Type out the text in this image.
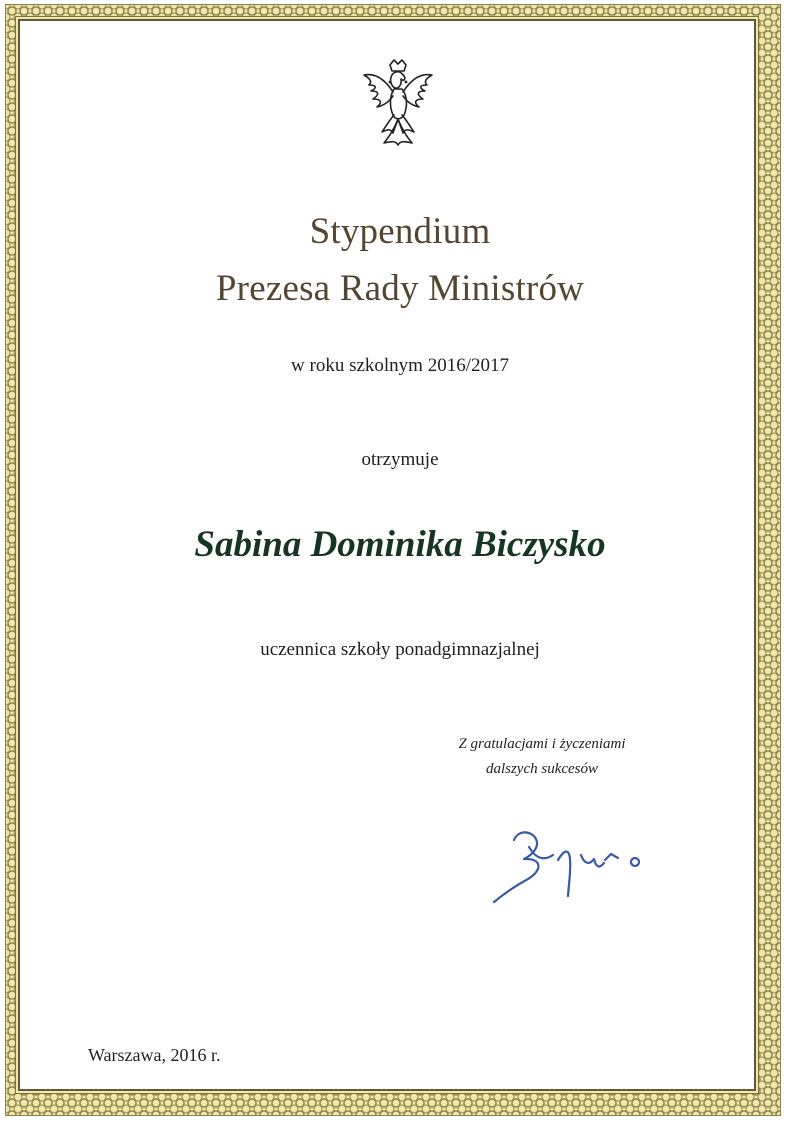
Stypendium
Prezesa Rady Ministrów
w roku szkolnym 2016/2017
otrzymuje
Sabina Dominika Biczysko
uczennica szkoły ponadgimnazjalnej
Z gratulacjami i życzeniami
dalszych sukcesów
Warszawa, 2016 r.
